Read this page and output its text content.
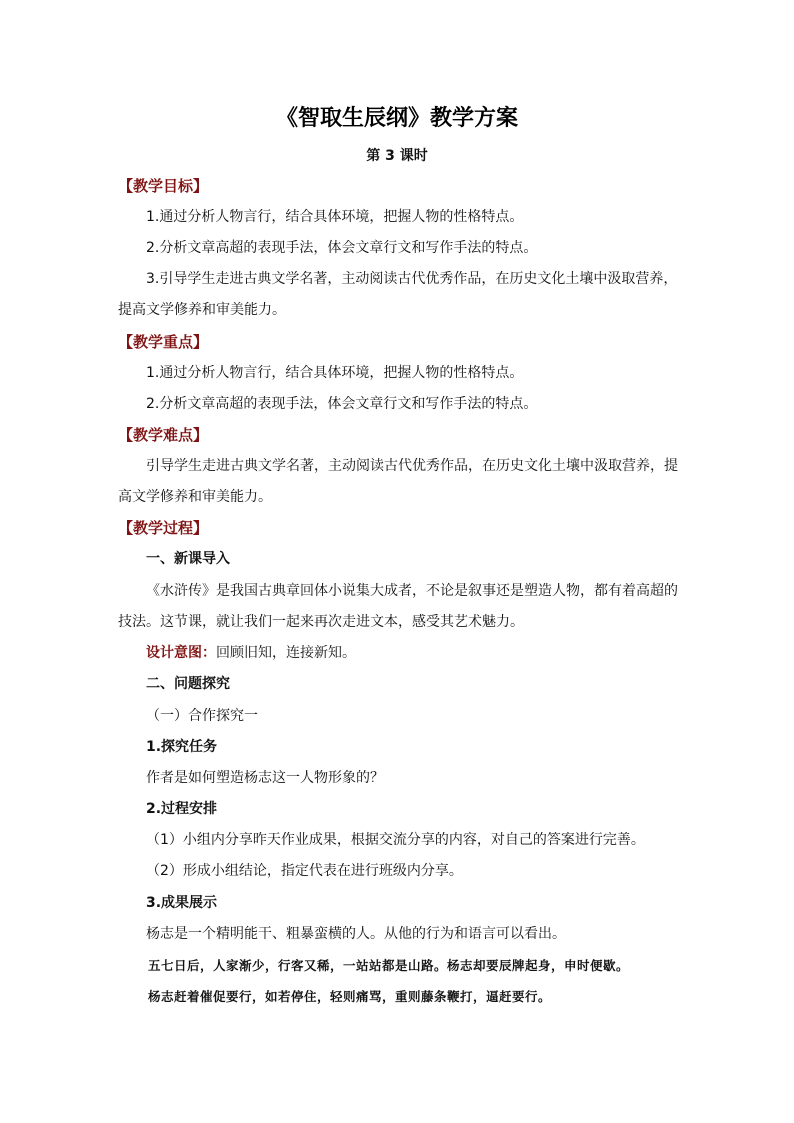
《智取生辰纲》教学方案
第 3 课时
【教学目标】
1.通过分析人物言行，结合具体环境，把握人物的性格特点。
2.分析文章高超的表现手法，体会文章行文和写作手法的特点。
3.引导学生走进古典文学名著，主动阅读古代优秀作品，在历史文化土壤中汲取营养，
提高文学修养和审美能力。
【教学重点】
1.通过分析人物言行，结合具体环境，把握人物的性格特点。
2.分析文章高超的表现手法，体会文章行文和写作手法的特点。
【教学难点】
引导学生走进古典文学名著，主动阅读古代优秀作品，在历史文化土壤中汲取营养，提
高文学修养和审美能力。
【教学过程】
一、新课导入
《水浒传》是我国古典章回体小说集大成者，不论是叙事还是塑造人物，都有着高超的
技法。这节课，就让我们一起来再次走进文本，感受其艺术魅力。
设计意图：回顾旧知，连接新知。
二、问题探究
（一）合作探究一
1.探究任务
作者是如何塑造杨志这一人物形象的？
2.过程安排
（1）小组内分享昨天作业成果，根据交流分享的内容，对自己的答案进行完善。
（2）形成小组结论，指定代表在进行班级内分享。
3.成果展示
杨志是一个精明能干、粗暴蛮横的人。从他的行为和语言可以看出。
五七日后，人家渐少，行客又稀，一站站都是山路。杨志却要辰牌起身，申时便歇。
杨志赶着催促要行，如若停住，轻则痛骂，重则藤条鞭打，逼赶要行。
